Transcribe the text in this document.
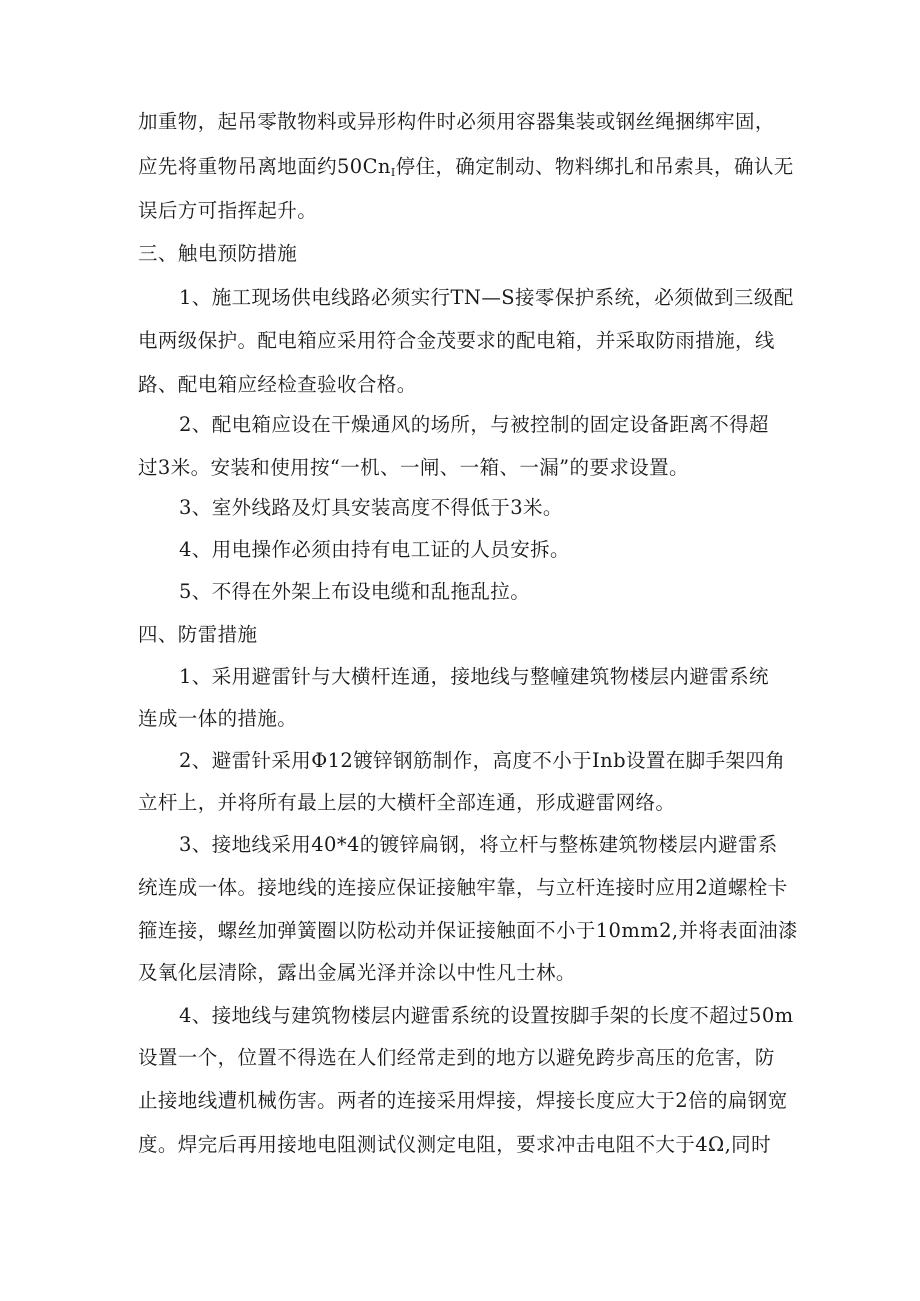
加重物，起吊零散物料或异形构件时必须用容器集装或钢丝绳捆绑牢固，
应先将重物吊离地面约$50Cn_I$停住，确定制动、物料绑扎和吊索具，确认无
误后方可指挥起升。
三、触电预防措施
1、施工现场供电线路必须实行TN—S接零保护系统，必须做到三级配
电两级保护。配电箱应采用符合金茂要求的配电箱，并采取防雨措施，线
路、配电箱应经检查验收合格。
2、配电箱应设在干燥通风的场所，与被控制的固定设备距离不得超
过3米。安装和使用按“一机、一闸、一箱、一漏”的要求设置。
3、室外线路及灯具安装高度不得低于3米。
4、用电操作必须由持有电工证的人员安拆。
5、不得在外架上布设电缆和乱拖乱拉。
四、防雷措施
1、采用避雷针与大横杆连通，接地线与整幢建筑物楼层内避雷系统
连成一体的措施。
2、避雷针采用Φ12镀锌钢筋制作，高度不小于Inb设置在脚手架四角
立杆上，并将所有最上层的大横杆全部连通，形成避雷网络。
3、接地线采用40*4的镀锌扁钢，将立杆与整栋建筑物楼层内避雷系
统连成一体。接地线的连接应保证接触牢靠，与立杆连接时应用2道螺栓卡
箍连接，螺丝加弹簧圈以防松动并保证接触面不小于10mm2,并将表面油漆
及氧化层清除，露出金属光泽并涂以中性凡士林。
4、接地线与建筑物楼层内避雷系统的设置按脚手架的长度不超过50m
设置一个，位置不得选在人们经常走到的地方以避免跨步高压的危害，防
止接地线遭机械伤害。两者的连接采用焊接，焊接长度应大于2倍的扁钢宽
度。焊完后再用接地电阻测试仪测定电阻，要求冲击电阻不大于4Ω,同时
